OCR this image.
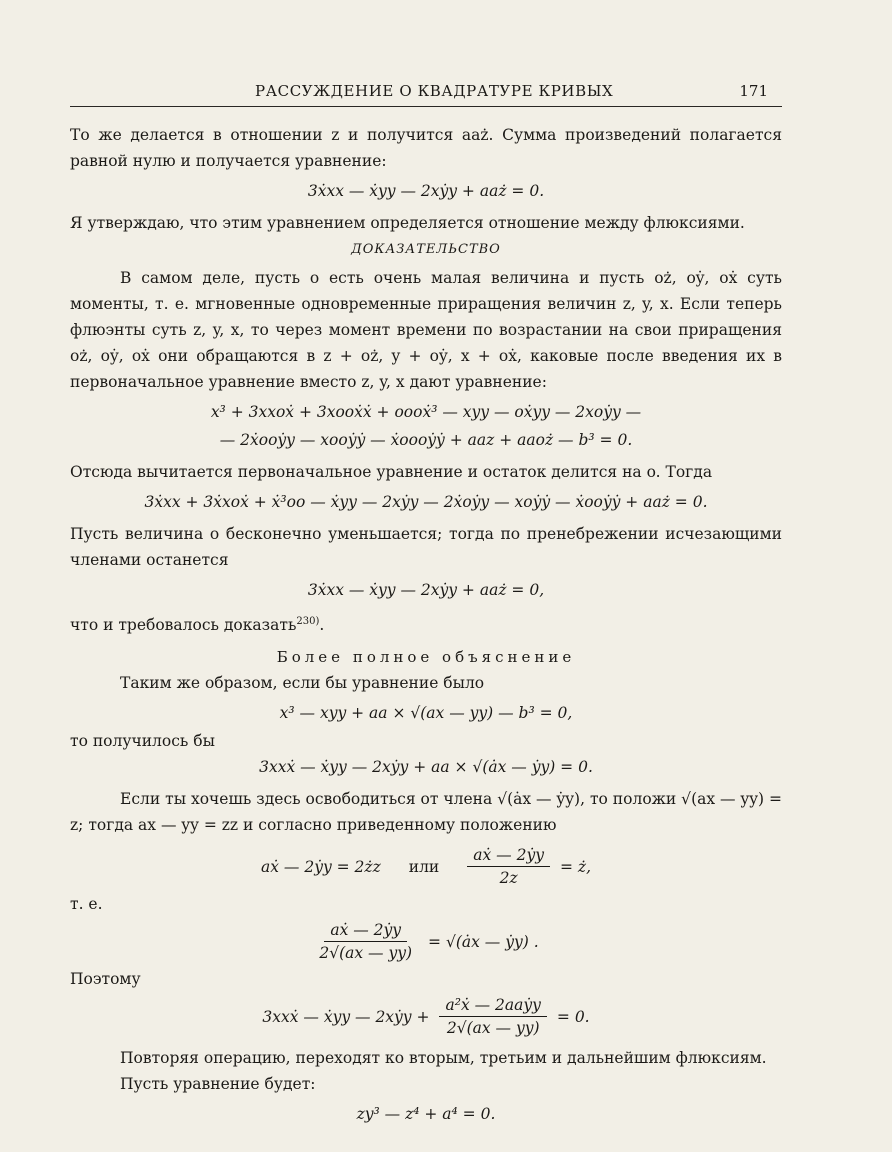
РАССУЖДЕНИЕ О КВАДРАТУРЕ КРИВЫХ	171

То же делается в отношении z и получится aaż. Сумма произведений полагается равной нулю и получается уравнение:

3ẋxx — ẋyy — 2xẏy + aaż = 0.

Я утверждаю, что этим уравнением определяется отношение между флюксиями.

ДОКАЗАТЕЛЬСТВО

В самом деле, пусть o есть очень малая величина и пусть oż, oẏ, oẋ суть моменты, т. е. мгновенные одновременные приращения величин z, y, x. Если теперь флюэнты суть z, y, x, то через момент времени по возрастании на свои приращения oż, oẏ, oẋ они обращаются в z + oż, y + oẏ, x + oẋ, каковые после введения их в первоначальное уравнение вместо z, y, x дают уравнение:

x³ + 3xxoẋ + 3xooẋẋ + oooẋ³ — xyy — oẋyy — 2xoẏy —
— 2ẋooẏy — xooẏẏ — ẋoooẏẏ + aaz + aaoż — b³ = 0.

Отсюда вычитается первоначальное уравнение и остаток делится на o. Тогда

3ẋxx + 3ẋxoẋ + ẋ³oo — ẋyy — 2xẏy — 2ẋoẏy — xoẏẏ — ẋooẏẏ + aaż = 0.

Пусть величина o бесконечно уменьшается; тогда по пренебрежении исчезающими членами останется

3ẋxx — ẋyy — 2xẏy + aaż = 0,

что и требовалось доказать$^{230)}$.

Более полное объяснение

Таким же образом, если бы уравнение было

x³ — xyy + aa × √(ax — yy) — b³ = 0,

то получилось бы

3xxẋ — ẋyy — 2xẏy + aa × √(ȧx — ẏy) = 0.

Если ты хочешь здесь освободиться от члена √(ȧx — ẏy), то положи √(ax — yy) = z; тогда ax — yy = zz и согласно приведенному положению

aẋ — 2ẏy = 2żz или $\frac{\text{aẋ — 2ẏy}}{2z}$ = ż,

т. е.

$\frac{\text{aẋ — 2ẏy}}{2√(ax — yy)}$ = √(ȧx — ẏy) .

Поэтому

3xxẋ — ẋyy — 2xẏy + $\frac{\text{a²ẋ — 2aaẏy}}{2√(ax — yy)} = 0$.

Повторяя операцию, переходят ко вторым, третьим и дальнейшим флюксиям.

Пусть уравнение будет:

zy³ — z⁴ + a⁴ = 0.
